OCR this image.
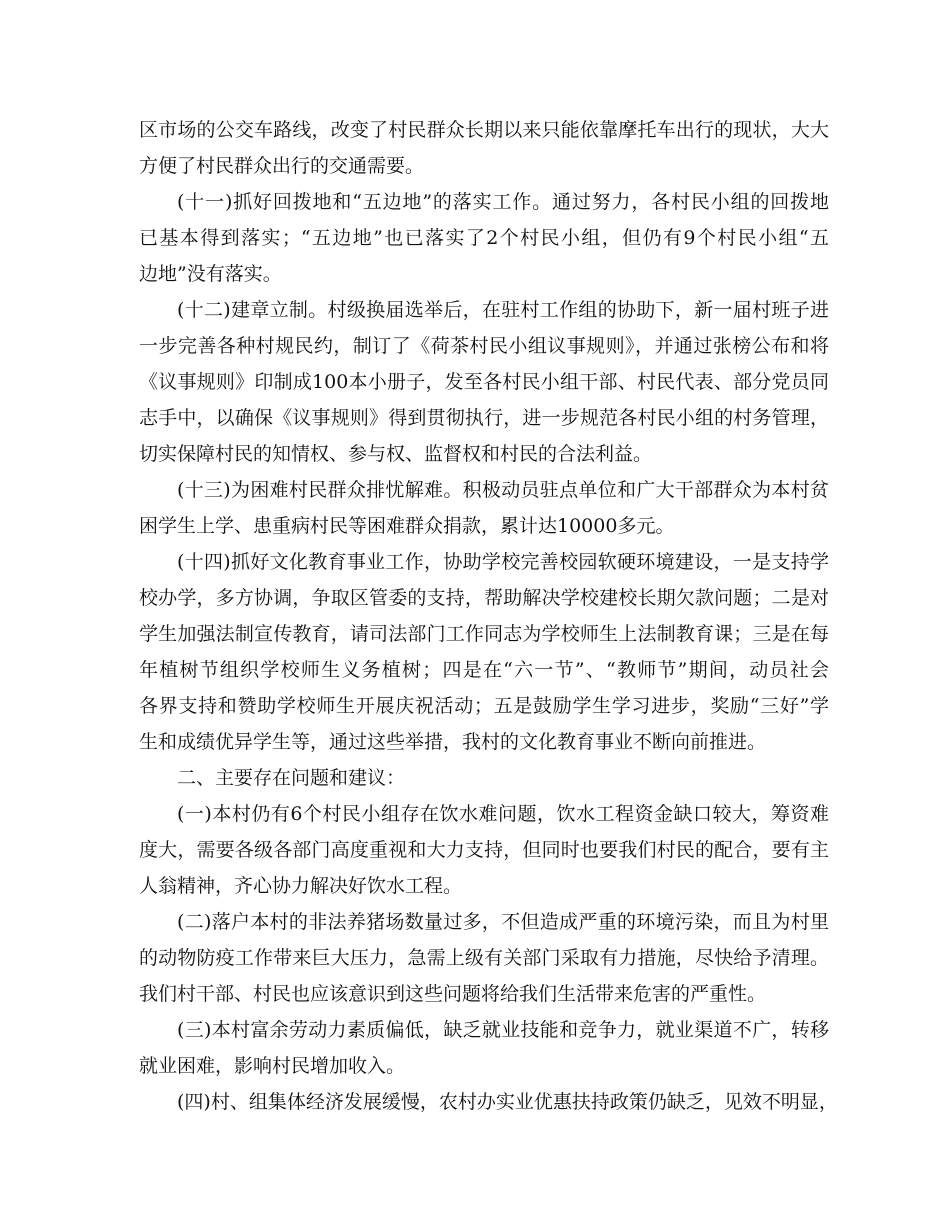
区市场的公交车路线，改变了村民群众长期以来只能依靠摩托车出行的现状，大大
方便了村民群众出行的交通需要。
(十一)抓好回拨地和“五边地”的落实工作。通过努力，各村民小组的回拨地
已基本得到落实；“五边地”也已落实了2个村民小组，但仍有9个村民小组“五
边地”没有落实。
(十二)建章立制。村级换届选举后，在驻村工作组的协助下，新一届村班子进
一步完善各种村规民约，制订了《荷茶村民小组议事规则》，并通过张榜公布和将
《议事规则》印制成100本小册子，发至各村民小组干部、村民代表、部分党员同
志手中，以确保《议事规则》得到贯彻执行，进一步规范各村民小组的村务管理，
切实保障村民的知情权、参与权、监督权和村民的合法利益。
(十三)为困难村民群众排忧解难。积极动员驻点单位和广大干部群众为本村贫
困学生上学、患重病村民等困难群众捐款，累计达10000多元。
(十四)抓好文化教育事业工作，协助学校完善校园软硬环境建设，一是支持学
校办学，多方协调，争取区管委的支持，帮助解决学校建校长期欠款问题；二是对
学生加强法制宣传教育，请司法部门工作同志为学校师生上法制教育课；三是在每
年植树节组织学校师生义务植树；四是在“六一节”、“教师节”期间，动员社会
各界支持和赞助学校师生开展庆祝活动；五是鼓励学生学习进步，奖励“三好”学
生和成绩优异学生等，通过这些举措，我村的文化教育事业不断向前推进。
二、主要存在问题和建议：
(一)本村仍有6个村民小组存在饮水难问题，饮水工程资金缺口较大，筹资难
度大，需要各级各部门高度重视和大力支持，但同时也要我们村民的配合，要有主
人翁精神，齐心协力解决好饮水工程。
(二)落户本村的非法养猪场数量过多，不但造成严重的环境污染，而且为村里
的动物防疫工作带来巨大压力，急需上级有关部门采取有力措施，尽快给予清理。
我们村干部、村民也应该意识到这些问题将给我们生活带来危害的严重性。
(三)本村富余劳动力素质偏低，缺乏就业技能和竞争力，就业渠道不广，转移
就业困难，影响村民增加收入。
(四)村、组集体经济发展缓慢，农村办实业优惠扶持政策仍缺乏，见效不明显，
